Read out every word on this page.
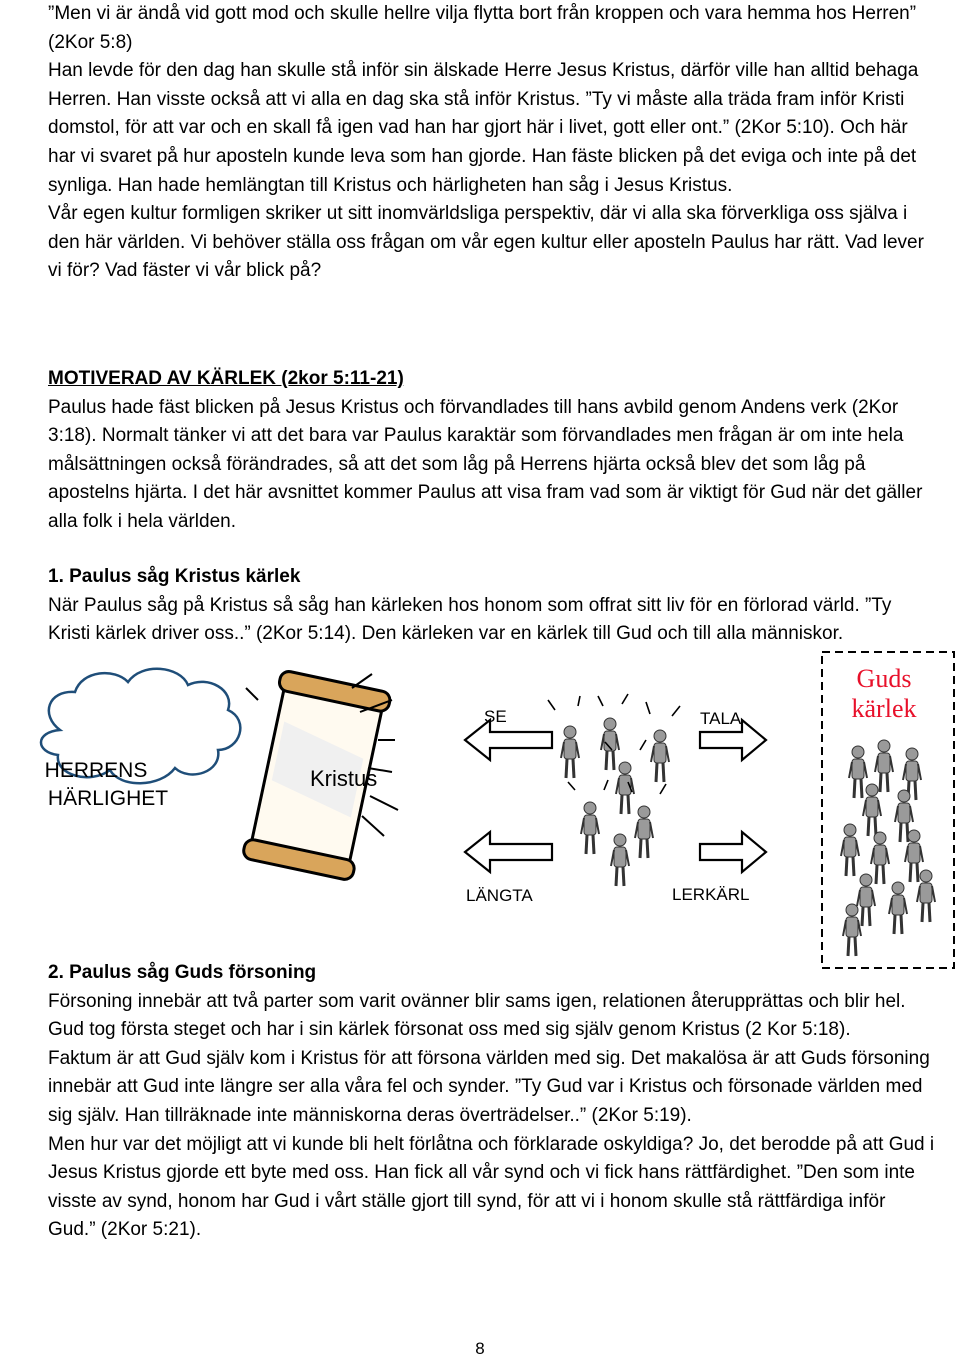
”Men vi är ändå vid gott mod och skulle hellre vilja flytta bort från kroppen och vara hemma hos Herren” (2Kor 5:8)

Han levde för den dag han skulle stå inför sin älskade Herre Jesus Kristus, därför ville han alltid behaga Herren. Han visste också att vi alla en dag ska stå inför Kristus. ”Ty vi måste alla träda fram inför Kristi domstol, för att var och en skall få igen vad han har gjort här i livet, gott eller ont.” (2Kor 5:10). Och här har vi svaret på hur aposteln kunde leva som han gjorde. Han fäste blicken på det eviga och inte på det synliga. Han hade hemlängtan till Kristus och härligheten han såg i Jesus Kristus.

Vår egen kultur formligen skriker ut sitt inomvärldsliga perspektiv, där vi alla ska förverkliga oss själva i den här världen. Vi behöver ställa oss frågan om vår egen kultur eller aposteln Paulus har rätt. Vad lever vi för? Vad fäster vi vår blick på?

MOTIVERAD AV KÄRLEK (2kor 5:11-21)

Paulus hade fäst blicken på Jesus Kristus och förvandlades till hans avbild genom Andens verk (2Kor 3:18). Normalt tänker vi att det bara var Paulus karaktär som förvandlades men frågan är om inte hela målsättningen också förändrades, så att det som låg på Herrens hjärta också blev det som låg på apostelns hjärta. I det här avsnittet kommer Paulus att visa fram vad som är viktigt för Gud när det gäller alla folk i hela världen.

1. Paulus såg Kristus kärlek

När Paulus såg på Kristus så såg han kärleken hos honom som offrat sitt liv för en förlorad värld. ”Ty Kristi kärlek driver oss..” (2Kor 5:14). Den kärleken var en kärlek till Gud och till alla människor.

HERRENS
HÄRLIGHET
Kristus
SE	TALA
LÄNGTA	LERKÄRL
Guds
kärlek

2. Paulus såg Guds försoning

Försoning innebär att två parter som varit ovänner blir sams igen, relationen återupprättas och blir hel. Gud tog första steget och har i sin kärlek försonat oss med sig själv genom Kristus (2 Kor 5:18).

Faktum är att Gud själv kom i Kristus för att försona världen med sig. Det makalösa är att Guds försoning innebär att Gud inte längre ser alla våra fel och synder. ”Ty Gud var i Kristus och försonade världen med sig själv. Han tillräknade inte människorna deras överträdelser..” (2Kor 5:19).

Men hur var det möjligt att vi kunde bli helt förlåtna och förklarade oskyldiga? Jo, det berodde på att Gud i Jesus Kristus gjorde ett byte med oss. Han fick all vår synd och vi fick hans rättfärdighet. ”Den som inte visste av synd, honom har Gud i vårt ställe gjort till synd, för att vi i honom skulle stå rättfärdiga inför Gud.” (2Kor 5:21).

8
